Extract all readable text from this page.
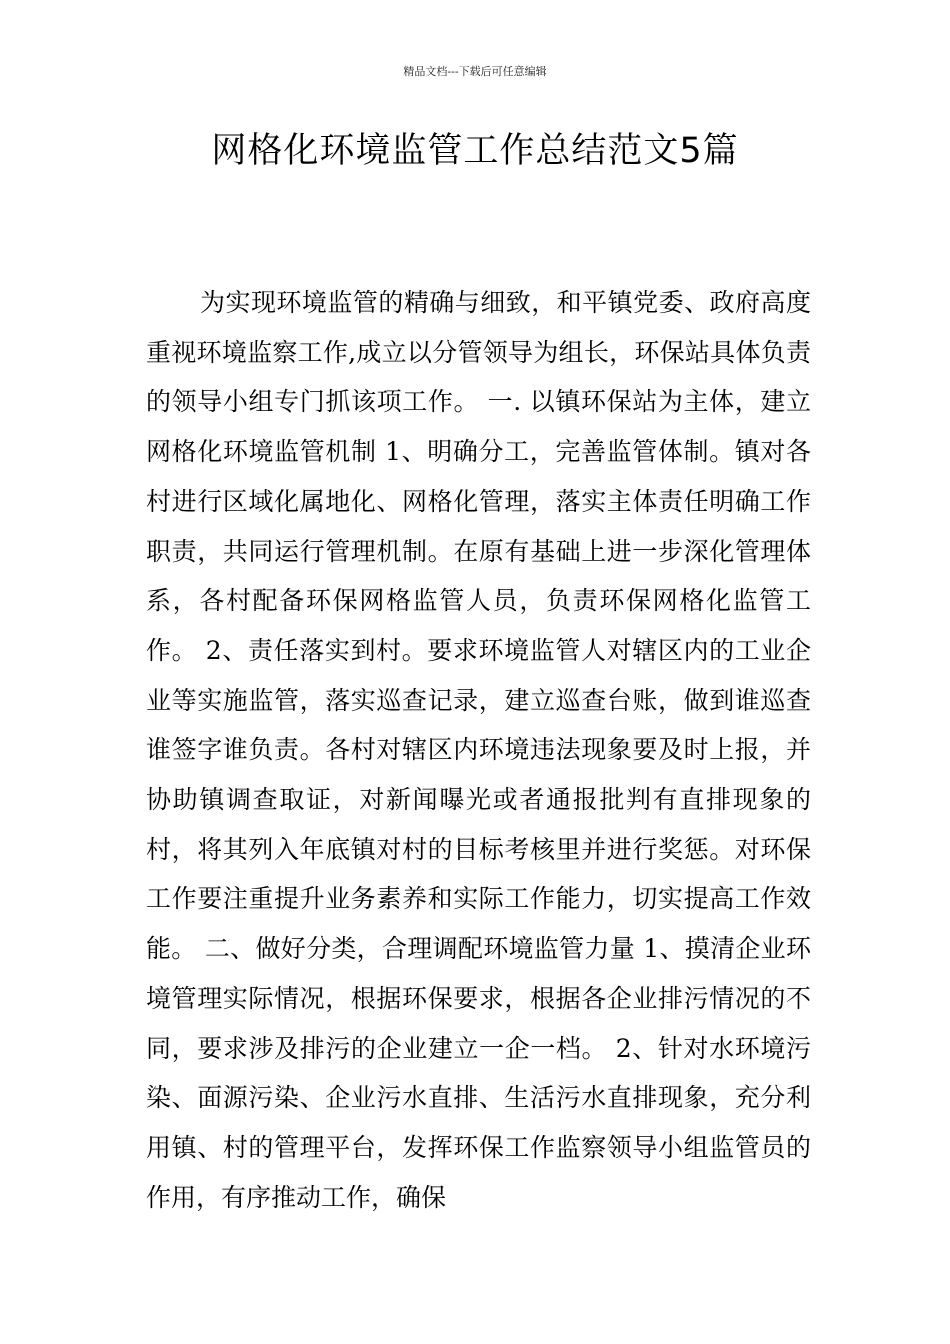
精品文档---下载后可任意编辑
网格化环境监管工作总结范文5篇

为实现环境监管的精确与细致，和平镇党委、政府高度重视环境监察工作,成立以分管领导为组长，环保站具体负责的领导小组专门抓该项工作。 一. 以镇环保站为主体，建立网格化环境监管机制 1、明确分工，完善监管体制。镇对各村进行区域化属地化、网格化管理，落实主体责任明确工作职责，共同运行管理机制。在原有基础上进一步深化管理体系，各村配备环保网格监管人员，负责环保网格化监管工作。 2、责任落实到村。要求环境监管人对辖区内的工业企业等实施监管，落实巡查记录，建立巡查台账，做到谁巡查谁签字谁负责。各村对辖区内环境违法现象要及时上报，并协助镇调查取证，对新闻曝光或者通报批判有直排现象的村，将其列入年底镇对村的目标考核里并进行奖惩。对环保工作要注重提升业务素养和实际工作能力，切实提高工作效能。 二、做好分类，合理调配环境监管力量 1、摸清企业环境管理实际情况，根据环保要求，根据各企业排污情况的不同，要求涉及排污的企业建立一企一档。 2、针对水环境污染、面源污染、企业污水直排、生活污水直排现象，充分利用镇、村的管理平台，发挥环保工作监察领导小组监管员的作用，有序推动工作，确保
